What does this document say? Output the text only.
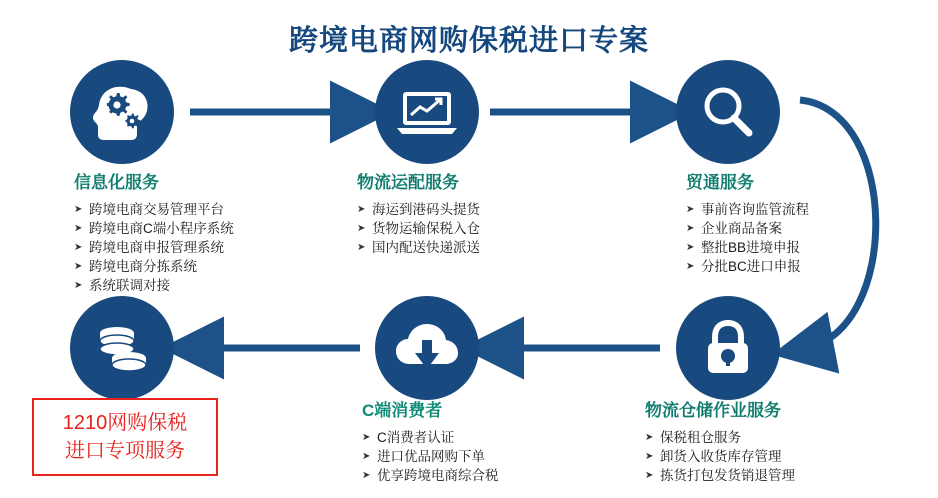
跨境电商网购保税进口专案
信息化服务
➤ 跨境电商交易管理平台
➤ 跨境电商C端小程序系统
➤ 跨境电商申报管理系统
➤ 跨境电商分拣系统
➤ 系统联调对接
物流运配服务
➤ 海运到港码头提货
➤ 货物运输保税入仓
➤ 国内配送快递派送
贸通服务
➤ 事前咨询监管流程
➤ 企业商品备案
➤ 整批BB进境申报
➤ 分批BC进口申报
物流仓储作业服务
➤ 保税租仓服务
➤ 卸货入收货库存管理
➤ 拣货打包发货销退管理
C端消费者
➤ C消费者认证
➤ 进口优品网购下单
➤ 优享跨境电商综合税
1210网购保税
进口专项服务
